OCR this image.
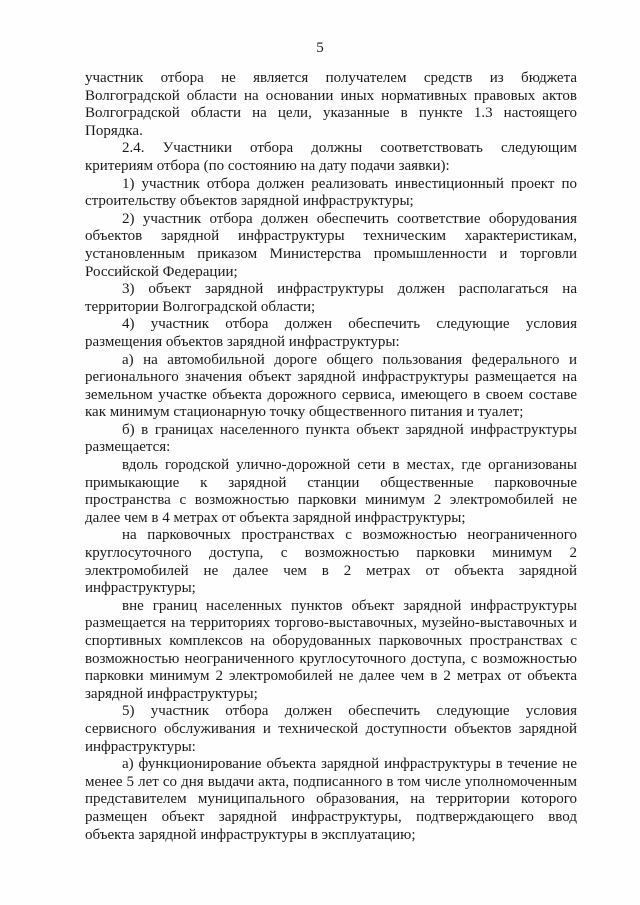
5

участник отбора не является получателем средств из бюджета Волгоградской области на основании иных нормативных правовых актов Волгоградской области на цели, указанные в пункте 1.3 настоящего Порядка.

2.4. Участники отбора должны соответствовать следующим критериям отбора (по состоянию на дату подачи заявки):

1) участник отбора должен реализовать инвестиционный проект по строительству объектов зарядной инфраструктуры;

2) участник отбора должен обеспечить соответствие оборудования объектов зарядной инфраструктуры техническим характеристикам, установленным приказом Министерства промышленности и торговли Российской Федерации;

3) объект зарядной инфраструктуры должен располагаться на территории Волгоградской области;

4) участник отбора должен обеспечить следующие условия размещения объектов зарядной инфраструктуры:

а) на автомобильной дороге общего пользования федерального и регионального значения объект зарядной инфраструктуры размещается на земельном участке объекта дорожного сервиса, имеющего в своем составе как минимум стационарную точку общественного питания и туалет;

б) в границах населенного пункта объект зарядной инфраструктуры размещается:

вдоль городской улично-дорожной сети в местах, где организованы примыкающие к зарядной станции общественные парковочные пространства с возможностью парковки минимум 2 электромобилей не далее чем в 4 метрах от объекта зарядной инфраструктуры;

на парковочных пространствах с возможностью неограниченного круглосуточного доступа, с возможностью парковки минимум 2 электромобилей не далее чем в 2 метрах от объекта зарядной инфраструктуры;

вне границ населенных пунктов объект зарядной инфраструктуры размещается на территориях торгово-выставочных, музейно-выставочных и спортивных комплексов на оборудованных парковочных пространствах с возможностью неограниченного круглосуточного доступа, с возможностью парковки минимум 2 электромобилей не далее чем в 2 метрах от объекта зарядной инфраструктуры;

5) участник отбора должен обеспечить следующие условия сервисного обслуживания и технической доступности объектов зарядной инфраструктуры:

а) функционирование объекта зарядной инфраструктуры в течение не менее 5 лет со дня выдачи акта, подписанного в том числе уполномоченным представителем муниципального образования, на территории которого размещен объект зарядной инфраструктуры, подтверждающего ввод объекта зарядной инфраструктуры в эксплуатацию;
